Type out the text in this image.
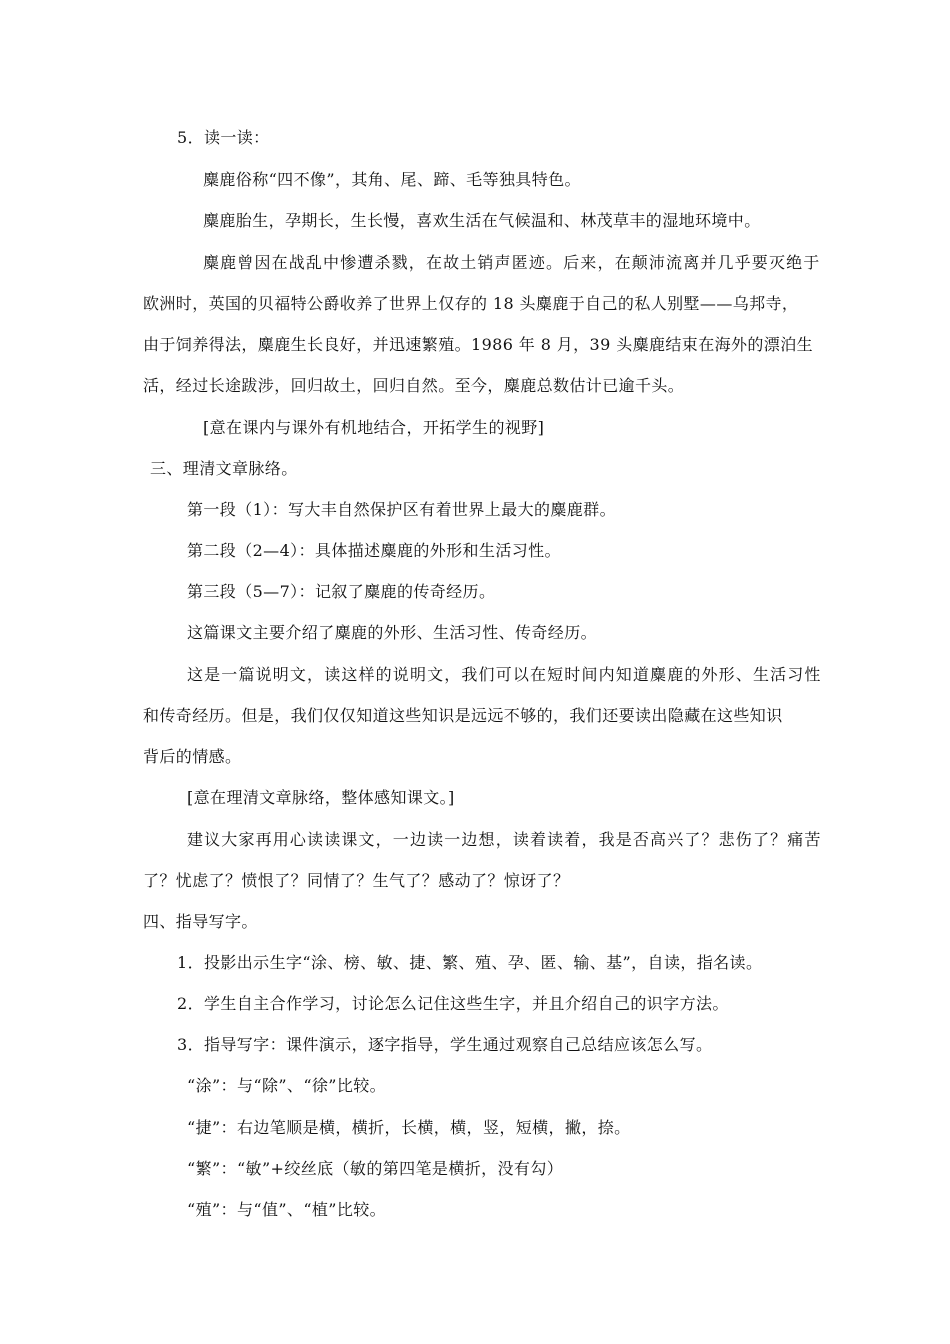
5．读一读：
麋鹿俗称“四不像”，其角、尾、蹄、毛等独具特色。
麋鹿胎生，孕期长，生长慢，喜欢生活在气候温和、林茂草丰的湿地环境中。
麋鹿曾因在战乱中惨遭杀戮，在故土销声匿迹。后来，在颠沛流离并几乎要灭绝于
欧洲时，英国的贝福特公爵收养了世界上仅存的 18 头麋鹿于自己的私人别墅——乌邦寺，
由于饲养得法，麋鹿生长良好，并迅速繁殖。1986 年 8 月，39 头麋鹿结束在海外的漂泊生
活，经过长途跋涉，回归故土，回归自然。至今，麋鹿总数估计已逾千头。
[意在课内与课外有机地结合，开拓学生的视野]
三、理清文章脉络。
第一段（1）：写大丰自然保护区有着世界上最大的麋鹿群。
第二段（2—4）：具体描述麋鹿的外形和生活习性。
第三段（5—7）：记叙了麋鹿的传奇经历。
这篇课文主要介绍了麋鹿的外形、生活习性、传奇经历。
这是一篇说明文，读这样的说明文，我们可以在短时间内知道麋鹿的外形、生活习性
和传奇经历。但是，我们仅仅知道这些知识是远远不够的，我们还要读出隐藏在这些知识
背后的情感。
[意在理清文章脉络，整体感知课文。]
建议大家再用心读读课文，一边读一边想，读着读着，我是否高兴了？悲伤了？痛苦
了？忧虑了？愤恨了？同情了？生气了？感动了？惊讶了？
四、指导写字。
1．投影出示生字“涂、榜、敏、捷、繁、殖、孕、匿、输、基”，自读，指名读。
2．学生自主合作学习，讨论怎么记住这些生字，并且介绍自己的识字方法。
3．指导写字：课件演示，逐字指导，学生通过观察自己总结应该怎么写。
“涂”：与“除”、“徐”比较。
“捷”：右边笔顺是横，横折，长横，横，竖，短横，撇，捺。
“繁”：“敏”+绞丝底（敏的第四笔是横折，没有勾）
“殖”：与“值”、“植”比较。
